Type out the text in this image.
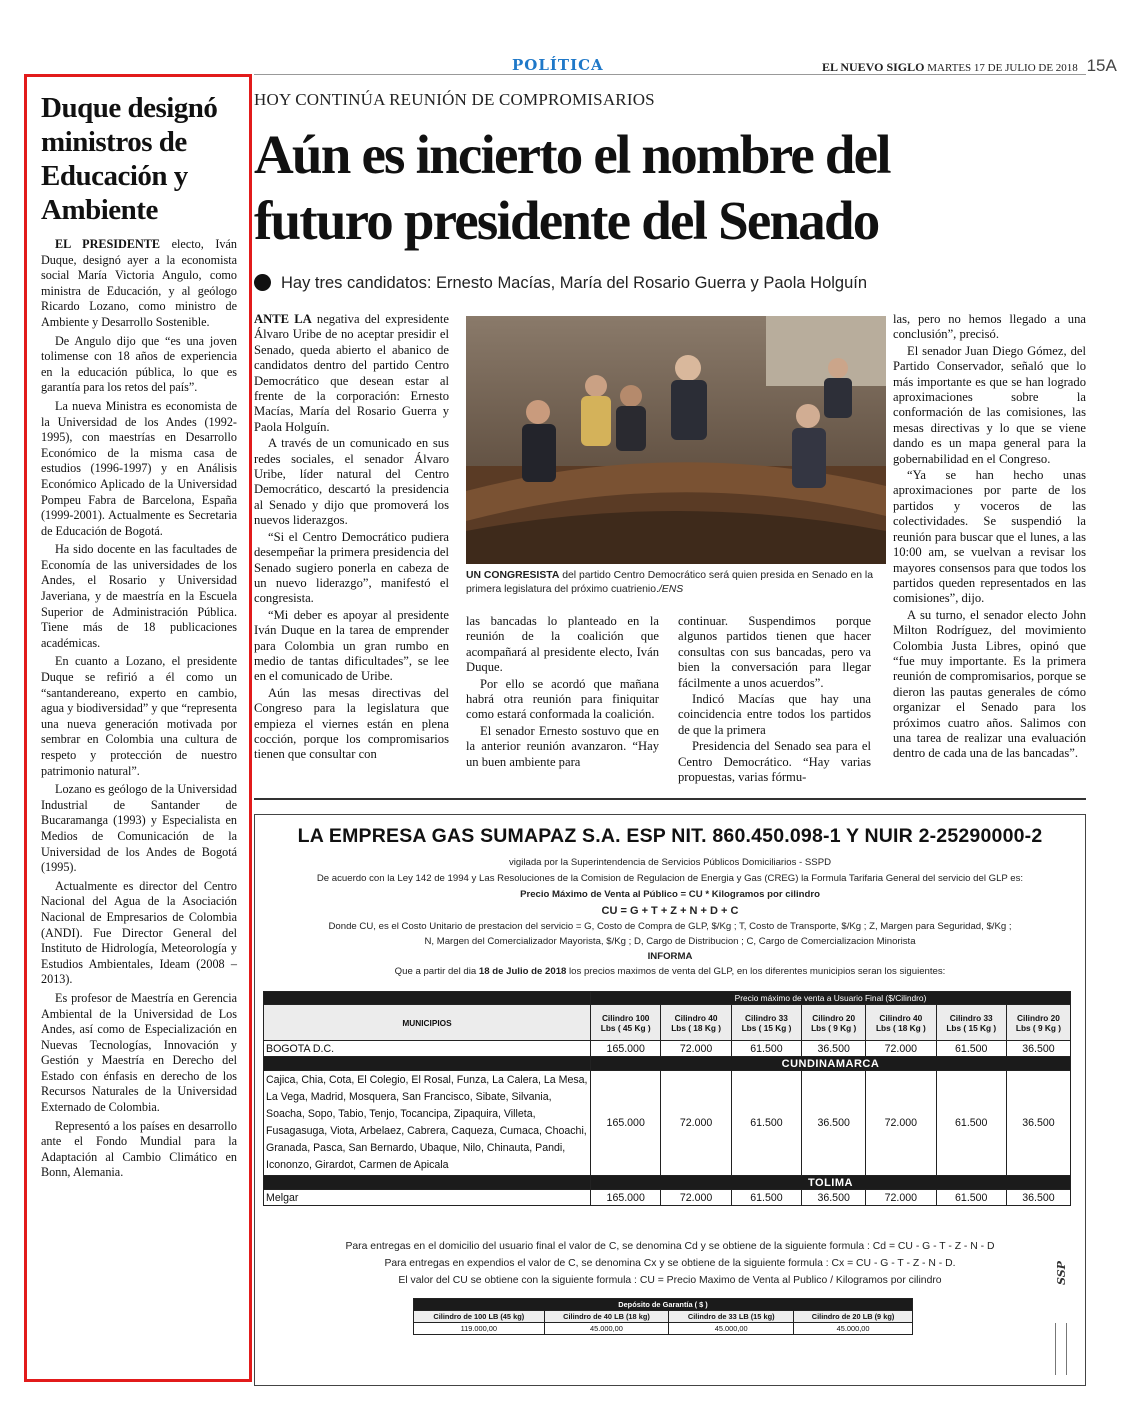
POLÍTICA	EL NUEVO SIGLO MARTES 17 DE JULIO DE 2018 15A
Duque designó ministros de Educación y Ambiente

EL PRESIDENTE electo, Iván Duque, designó ayer a la economista social María Victoria Angulo, como ministra de Educación, y al geólogo Ricardo Lozano, como ministro de Ambiente y Desarrollo Sostenible.

De Angulo dijo que “es una joven tolimense con 18 años de experiencia en la educación pública, lo que es garantía para los retos del país”.

La nueva Ministra es economista de la Universidad de los Andes (1992-1995), con maestrías en Desarrollo Económico de la misma casa de estudios (1996-1997) y en Análisis Económico Aplicado de la Universidad Pompeu Fabra de Barcelona, España (1999-2001). Actualmente es Secretaria de Educación de Bogotá.

Ha sido docente en las facultades de Economía de las universidades de los Andes, el Rosario y Universidad Javeriana, y de maestría en la Escuela Superior de Administración Pública. Tiene más de 18 publicaciones académicas.

En cuanto a Lozano, el presidente Duque se refirió a él como un “santandereano, experto en cambio, agua y biodiversidad” y que “representa una nueva generación motivada por sembrar en Colombia una cultura de respeto y protección de nuestro patrimonio natural”.

Lozano es geólogo de la Universidad Industrial de Santander de Bucaramanga (1993) y Especialista en Medios de Comunicación de la Universidad de los Andes de Bogotá (1995).

Actualmente es director del Centro Nacional del Agua de la Asociación Nacional de Empresarios de Colombia (ANDI). Fue Director General del Instituto de Hidrología, Meteorología y Estudios Ambientales, Ideam (2008 – 2013).

Es profesor de Maestría en Gerencia Ambiental de la Universidad de Los Andes, así como de Especialización en Nuevas Tecnologías, Innovación y Gestión y Maestría en Derecho del Estado con énfasis en derecho de los Recursos Naturales de la Universidad Externado de Colombia.

Representó a los países en desarrollo ante el Fondo Mundial para la Adaptación al Cambio Climático en Bonn, Alemania.

HOY CONTINÚA REUNIÓN DE COMPROMISARIOS
Aún es incierto el nombre del
futuro presidente del Senado
Hay tres candidatos: Ernesto Macías, María del Rosario Guerra y Paola Holguín

ANTE LA negativa del expresidente Álvaro Uribe de no aceptar presidir el Senado, queda abierto el abanico de candidatos dentro del partido Centro Democrático que desean estar al frente de la corporación: Ernesto Macías, María del Rosario Guerra y Paola Holguín.

A través de un comunicado en sus redes sociales, el senador Álvaro Uribe, líder natural del Centro Democrático, descartó la presidencia al Senado y dijo que promoverá los nuevos liderazgos.

“Si el Centro Democrático pudiera desempeñar la primera presidencia del Senado sugiero ponerla en cabeza de un nuevo liderazgo”, manifestó el congresista.

“Mi deber es apoyar al presidente Iván Duque en la tarea de emprender para Colombia un gran rumbo en medio de tantas dificultades”, se lee en el comunicado de Uribe.

Aún las mesas directivas del Congreso para la legislatura que empieza el viernes están en plena cocción, porque los compromisarios tienen que consultar con

UN CONGRESISTA del partido Centro Democrático será quien presida en Senado en la primera legislatura del próximo cuatrienio./ENS

las bancadas lo planteado en la reunión de la coalición que acompañará al presidente electo, Iván Duque.

Por ello se acordó que mañana habrá otra reunión para finiquitar como estará conformada la coalición.

El senador Ernesto sostuvo que en la anterior reunión avanzaron. “Hay un buen ambiente para

continuar. Suspendimos porque algunos partidos tienen que hacer consultas con sus bancadas, pero va bien la conversación para llegar fácilmente a unos acuerdos”.

Indicó Macías que hay una coincidencia entre todos los partidos de que la primera

Presidencia del Senado sea para el Centro Democrático. “Hay varias propuestas, varias fórmu-

las, pero no hemos llegado a una conclusión”, precisó.

El senador Juan Diego Gómez, del Partido Conservador, señaló que lo más importante es que se han logrado aproximaciones sobre la conformación de las comisiones, las mesas directivas y lo que se viene dando es un mapa general para la gobernabilidad en el Congreso.

“Ya se han hecho unas aproximaciones por parte de los partidos y voceros de las colectividades. Se suspendió la reunión para buscar que el lunes, a las 10:00 am, se vuelvan a revisar los mayores consensos para que todos los partidos queden representados en las comisiones”, dijo.

A su turno, el senador electo John Milton Rodríguez, del movimiento Colombia Justa Libres, opinó que “fue muy importante. Es la primera reunión de compromisarios, porque se dieron las pautas generales de cómo organizar el Senado para los próximos cuatro años. Salimos con una tarea de realizar una evaluación dentro de cada una de las bancadas”.

LA EMPRESA GAS SUMAPAZ S.A. ESP NIT. 860.450.098-1 Y NUIR 2-25290000-2
vigilada por la Superintendencia de Servicios Públicos Domiciliarios - SSPD
De acuerdo con la Ley 142 de 1994 y Las Resoluciones de la Comision de Regulacion de Energia y Gas (CREG) la Formula Tarifaria General del servicio del GLP es:
Precio Máximo de Venta al Público = CU * Kilogramos por cilindro
CU = G + T + Z + N + D + C
Donde CU, es el Costo Unitario de prestacion del servicio = G, Costo de Compra de GLP, $/Kg ; T, Costo de Transporte, $/Kg ; Z, Margen para Seguridad, $/Kg ;
N, Margen del Comercializador Mayorista, $/Kg ; D, Cargo de Distribucion ; C, Cargo de Comercializacion Minorista
INFORMA
Que a partir del dia 18 de Julio de 2018 los precios maximos de venta del GLP, en los diferentes municipios seran los siguientes:
	Precio máximo de venta a Usuario Final ($/Cilindro)						
MUNICIPIOS	Cilindro 100
Lbs ( 45 Kg )	Cilindro 40
Lbs ( 18 Kg )	Cilindro 33
Lbs ( 15 Kg )	Cilindro 20
Lbs ( 9 Kg )	Cilindro 40
Lbs ( 18 Kg )	Cilindro 33
Lbs ( 15 Kg )	Cilindro 20
Lbs ( 9 Kg )
BOGOTA D.C.	165.000	72.000	61.500	36.500	72.000	61.500	36.500
	CUNDINAMARCA						
Cajica, Chia, Cota, El Colegio, El Rosal, Funza, La Calera, La Mesa, La Vega, Madrid, Mosquera, San Francisco, Sibate, Silvania, Soacha, Sopo, Tabio, Tenjo, Tocancipa, Zipaquira, Villeta, Fusagasuga, Viota, Arbelaez, Cabrera, Caqueza, Cumaca, Choachi, Granada, Pasca, San Bernardo, Ubaque, Nilo, Chinauta, Pandi, Icononzo, Girardot, Carmen de Apicala	165.000	72.000	61.500	36.500	72.000	61.500	36.500
	TOLIMA						
Melgar	165.000	72.000	61.500	36.500	72.000	61.500	36.500
Para entregas en el domicilio del usuario final el valor de C, se denomina Cd y se obtiene de la siguiente formula : Cd = CU - G - T - Z - N - D
Para entregas en expendios el valor de C, se denomina Cx y se obtiene de la siguiente formula : Cx = CU - G - T - Z - N - D.
El valor del CU se obtiene con la siguiente formula : CU = Precio Maximo de Venta al Publico / Kilogramos por cilindro
Depósito de Garantía ( $ )			
Cilindro de 100 LB (45 kg)	Cilindro de 40 LB (18 kg)	Cilindro de 33 LB (15 kg)	Cilindro de 20 LB (9 kg)
119.000,00	45.000,00	45.000,00	45.000,00
SSP
